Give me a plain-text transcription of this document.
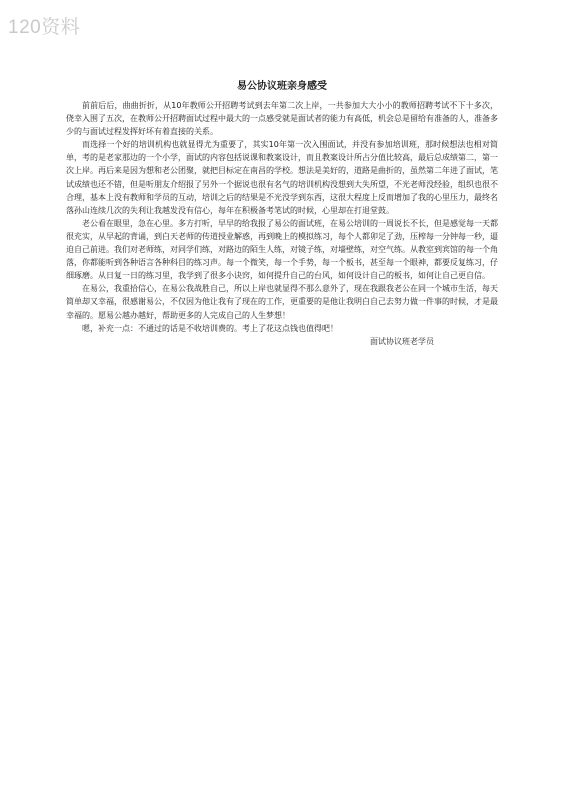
120资料
易公协议班亲身感受

前前后后，曲曲折折，从10年教师公开招聘考试到去年第二次上岸，一共参加大大小小的教师招聘考试不下十多次，侥幸入围了五次，在教师公开招聘面试过程中最大的一点感受就是面试者的能力有高低，机会总是留给有准备的人，准备多少的与面试过程发挥好坏有着直接的关系。

而选择一个好的培训机构也就显得尤为重要了，其实10年第一次入围面试，并没有参加培训班，那时候想法也相对简单，考的是老家那边的一个小学，面试的内容包括说课和教案设计，而且教案设计所占分值比较高，最后总成绩第二，第一次上岸。再后来是因为想和老公团聚，就把目标定在南昌的学校。想法是美好的，道路是曲折的，虽然第二年进了面试，笔试成绩也还不错，但是听朋友介绍报了另外一个据说也很有名气的培训机构没想到大失所望，不光老师没经验，组织也很不合理，基本上没有教师和学员的互动，培训之后的结果是不光没学到东西，这很大程度上反而增加了我的心里压力，最终名落孙山连续几次的失利让我越发没有信心，每年在积极备考笔试的时候，心里却在打退堂鼓。

老公看在眼里，急在心里。多方打听，早早的给我报了易公的面试班，在易公培训的一周说长不长，但是感觉每一天都很充实，从早起的背诵，到白天老师的传道授业解惑，再到晚上的模拟练习，每个人都卯足了劲，压榨每一分钟每一秒，逼迫自己前进。我们对老师练，对同学们练，对路边的陌生人练，对镜子练，对墙壁练，对空气练。从教室到宾馆的每一个角落，你都能听到各种语言各种科目的练习声。每一个微笑，每一个手势，每一个板书，甚至每一个眼神，都要反复练习，仔细琢磨。从日复一日的练习里，我学到了很多小诀窍，如何提升自己的台风，如何设计自己的板书，如何让自己更自信。

在易公，我重拾信心，在易公我战胜自己，所以上岸也就显得不那么意外了，现在我跟我老公在同一个城市生活，每天简单却又幸福，很感谢易公，不仅因为他让我有了现在的工作，更重要的是他让我明白自己去努力做一件事的时候，才是最幸福的。愿易公越办越好，帮助更多的人完成自己的人生梦想！

嗯，补充一点：不通过的话是不收培训费的。考上了花这点钱也值得吧！

面试协议班老学员
